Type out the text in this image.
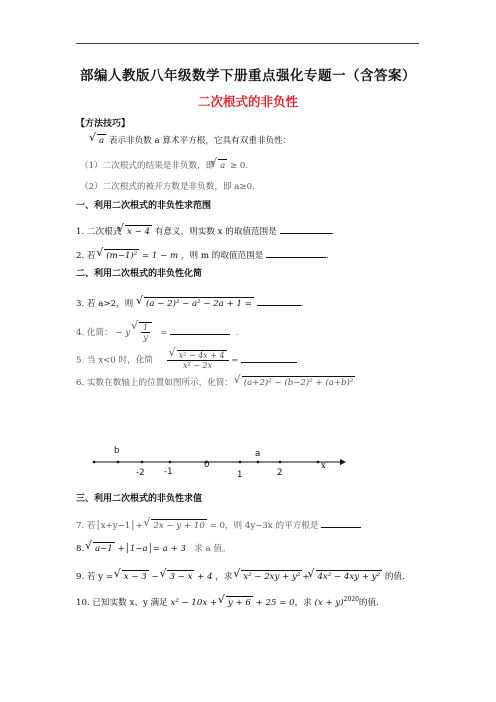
部编人教版八年级数学下册重点强化专题一（含答案）
二次根式的非负性
【方法技巧】
√ a 表示非负数 a 算术平方根，它具有双重非负性：
（1）二次根式的结果是非负数，即 √ a ≥ 0.
（2）二次根式的被开方数是非负数，即 a≥0.
一、利用二次根式的非负性求范围
1. 二次根式 √ x − 4 有意义，则实数 x 的取值范围是	.
2. 若 √ (m−1)² = 1 − m ，则 m 的取值范围是	.
二、利用二次根式的非负性化简
3. 若 a>2，则 √ (a − 2)² − a² − 2a + 1 =	.
4. 化简： − y √ $\frac{1}{y}$ =	.
5. 当 x<0 时，化简 √ $\frac{\text{x² − 4x + 4}}{\text{x² − 2x}}$ =
6. 实数在数轴上的位置如图所示，化简： √ (a+2)² − (b−2)² + (a+b)²
b	a
x
-2 -1
0
1	2
三、利用二次根式的非负性求值
7. 若│x+y−1│+ √ 2x − y + 10 = 0，则 4y−3x 的平方根是
8. √ a−1 +│1−a│= a + 3 求 a 值。
9. 若 y = √ x − 3 − √ 3 − x + 4 ，求 √ x² − 2xy + y² + √ 4x² − 4xy + y² 的值.
10. 已知实数 x、y 满足 x² − 10x + √ y + 6 + 25 = 0，求 $(x + y)^{2020}$的值.
